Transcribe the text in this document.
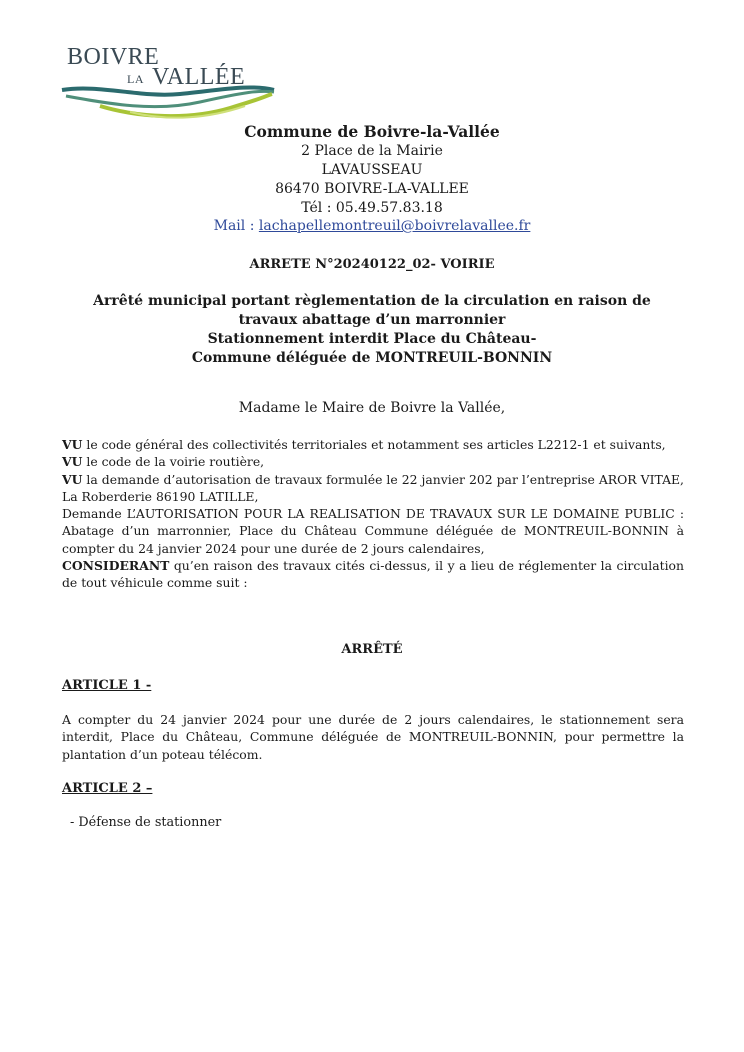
BOIVRE
LA VALLÉE
Commune de Boivre-la-Vallée
2 Place de la Mairie
LAVAUSSEAU
86470 BOIVRE-LA-VALLEE
Tél : 05.49.57.83.18
Mail : lachapellemontreuil@boivrelavallee.fr
ARRETE N°20240122_02- VOIRIE
Arrêté municipal portant règlementation de la circulation en raison de
travaux abattage d’un marronnier
Stationnement interdit Place du Château-
Commune déléguée de MONTREUIL-BONNIN
Madame le Maire de Boivre la Vallée,
VU le code général des collectivités territoriales et notamment ses articles L2212-1 et suivants,
VU le code de la voirie routière,
VU la demande d’autorisation de travaux formulée le 22 janvier 202 par l’entreprise AROR VITAE, La Roberderie 86190 LATILLE,
Demande L’AUTORISATION POUR LA REALISATION DE TRAVAUX SUR LE DOMAINE PUBLIC : Abatage d’un marronnier, Place du Château Commune déléguée de MONTREUIL-BONNIN à compter du 24 janvier 2024 pour une durée de 2 jours calendaires,
CONSIDERANT qu’en raison des travaux cités ci-dessus, il y a lieu de réglementer la circulation de tout véhicule comme suit :
ARRÊTÉ
ARTICLE 1 -
A compter du 24 janvier 2024 pour une durée de 2 jours calendaires, le stationnement sera interdit, Place du Château, Commune déléguée de MONTREUIL-BONNIN, pour permettre la plantation d’un poteau télécom.
ARTICLE 2 –
- Défense de stationner
